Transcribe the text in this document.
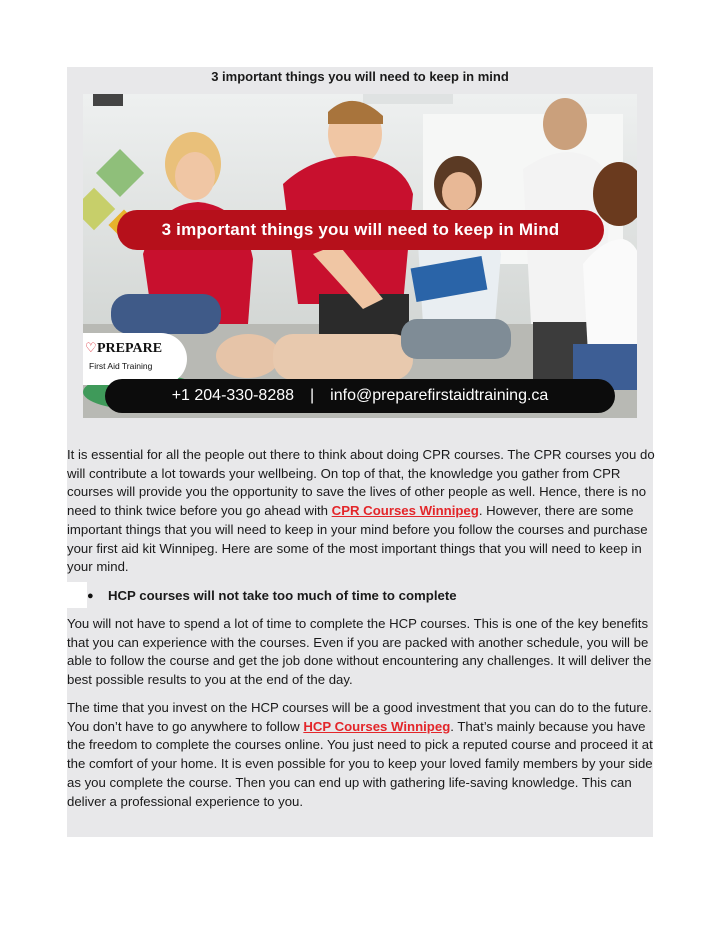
3 important things you will need to keep in mind
3 important things you will need to keep in Mind
♡ PREPARE
First Aid Training
+1 204-330-8288 | info@preparefirstaidtraining.ca
It is essential for all the people out there to think about doing CPR courses. The CPR courses you do will contribute a lot towards your wellbeing. On top of that, the knowledge you gather from CPR courses will provide you the opportunity to save the lives of other people as well. Hence, there is no need to think twice before you go ahead with CPR Courses Winnipeg. However, there are some important things that you will need to keep in your mind before you follow the courses and purchase your first aid kit Winnipeg. Here are some of the most important things that you will need to keep in your mind.
● HCP courses will not take too much of time to complete
You will not have to spend a lot of time to complete the HCP courses. This is one of the key benefits that you can experience with the courses. Even if you are packed with another schedule, you will be able to follow the course and get the job done without encountering any challenges. It will deliver the best possible results to you at the end of the day.
The time that you invest on the HCP courses will be a good investment that you can do to the future. You don’t have to go anywhere to follow HCP Courses Winnipeg. That’s mainly because you have the freedom to complete the courses online. You just need to pick a reputed course and proceed it at the comfort of your home. It is even possible for you to keep your loved family members by your side as you complete the course. Then you can end up with gathering life-saving knowledge. This can deliver a professional experience to you.
